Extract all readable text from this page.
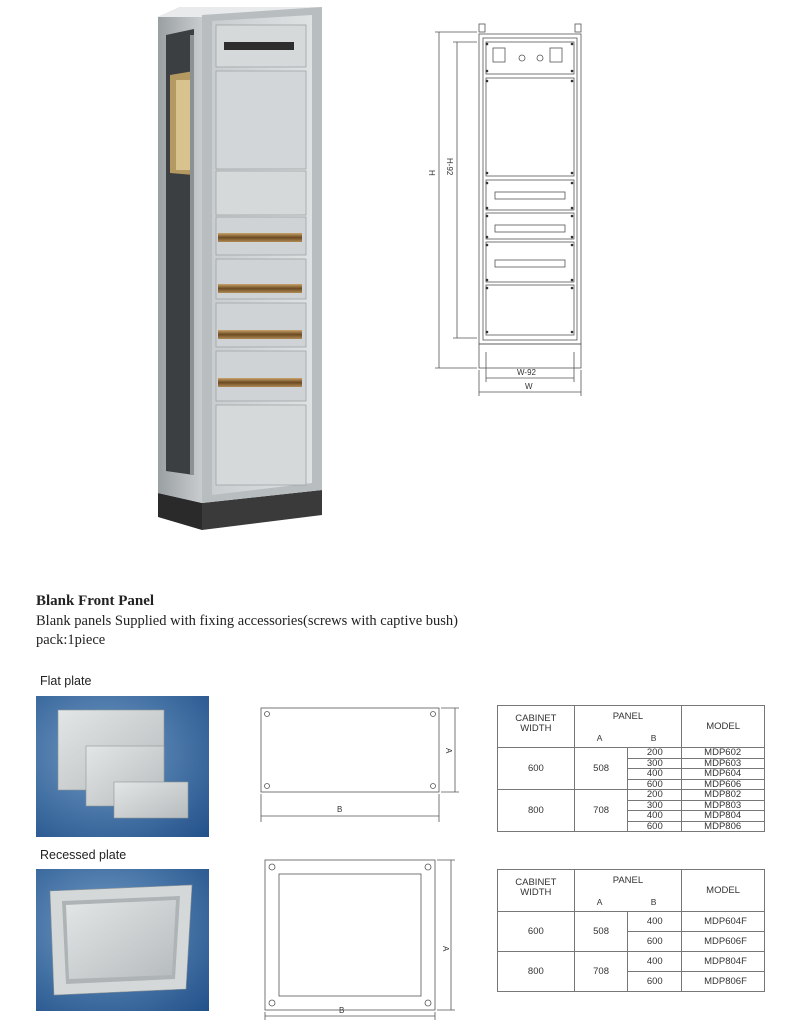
H H-92
W-92
W
Blank Front Panel
Blank panels Supplied with fixing accessories(screws with captive bush)
pack:1piece
Flat plate
A
B
CABINET
WIDTH	PANEL
A B		MODEL

600	508	200	MDP602
		300	MDP603
		400	MDP604
		600	MDP606
800	708	200	MDP802
		300	MDP803
		400	MDP804
		600	MDP806
Recessed plate
A
B
CABINET
WIDTH	PANEL
A B		MODEL
600	508	400	MDP604F
		600	MDP606F
800	708	400	MDP804F
		600	MDP806F
